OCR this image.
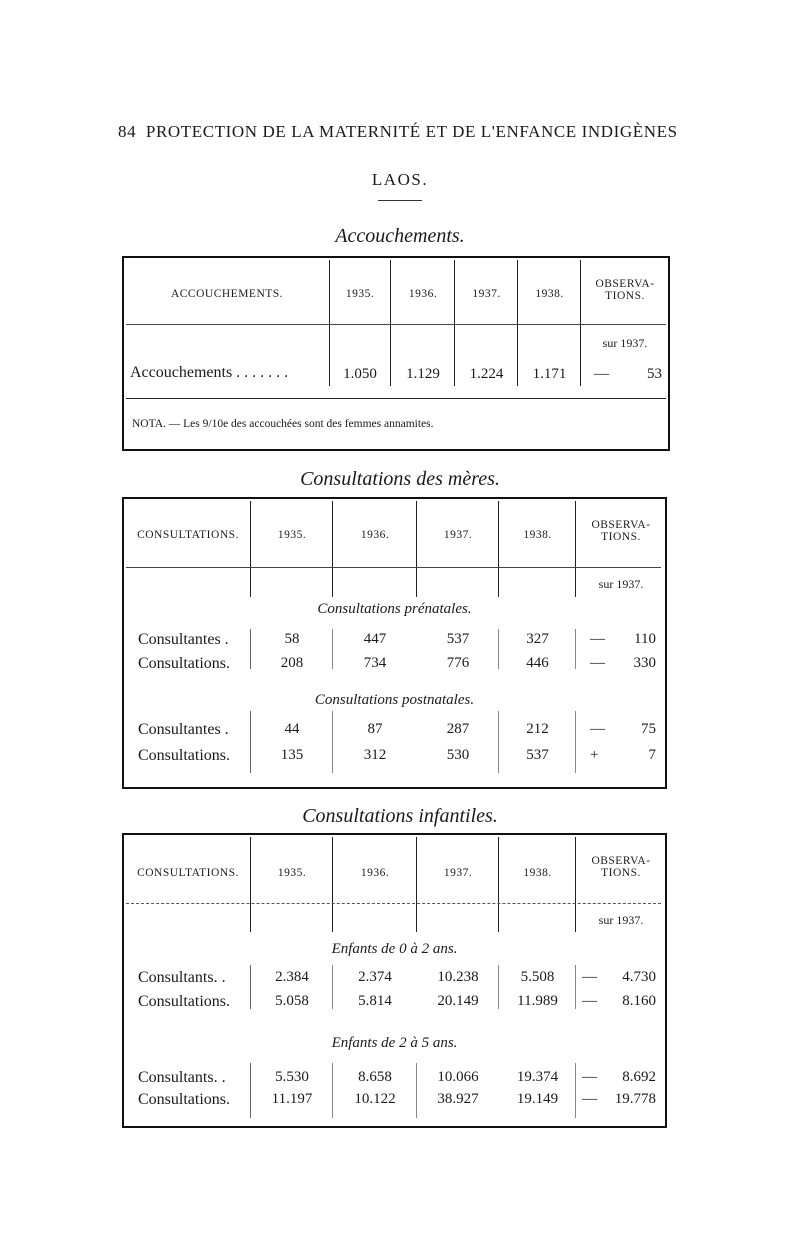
84 PROTECTION DE LA MATERNITÉ ET DE L'ENFANCE INDIGÈNES
LAOS.
Accouchements.
ACCOUCHEMENTS.	1935.	1936.	1937.	1938.
OBSERVA-
TIONS.
sur 1937.
Accouchements . . . . . . .	1.050	1.129	1.224	1.171	—	53
NOTA. — Les 9/10e des accouchées sont des femmes annamites.
Consultations des mères.
CONSULTATIONS.	1935.	1936.	1937.	1938.
OBSERVA-
TIONS.
sur 1937.
Consultations prénatales.
Consultantes .	58	447	537	327	—	110
Consultations.	208	734	776	446	—	330
Consultations postnatales.
Consultantes .	44	87	287	212	—	75
Consultations.	135	312	530	537	+	7
Consultations infantiles.
CONSULTATIONS.	1935.	1936.	1937.	1938.
OBSERVA-
TIONS.
sur 1937.
Enfants de 0 à 2 ans.
Consultants. .	2.384	2.374	10.238	5.508	—	4.730
Consultations.	5.058	5.814	20.149	11.989	—	8.160
Enfants de 2 à 5 ans.
Consultants. .	5.530	8.658	10.066	19.374	—	8.692
Consultations.	11.197	10.122	38.927	19.149	—	19.778
